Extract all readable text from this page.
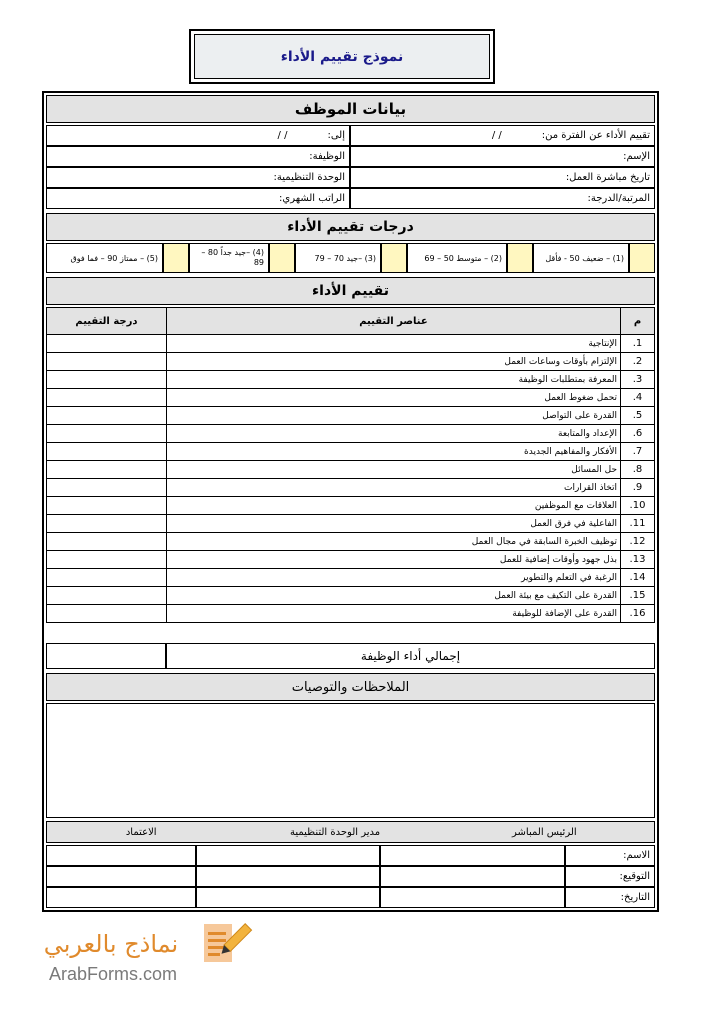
نموذج تقييم الأداء
بيانات الموظف
تقييم الأداء عن الفترة من:
/ /
إلى:
/ /
الإسم:
الوظيفة:
تاريخ مباشرة العمل:
الوحدة التنظيمية:
المرتبة/الدرجة:
الراتب الشهري:
درجات تقييم الأداء
(1) – ضعيف 50 - فأقل
(2) – متوسط 50 – 69
(3) –جيد 70 – 79
(4) –جيد جداً 80 – 89
(5) – ممتاز 90 – فما فوق
تقييم الأداء
م	عناصر التقييم	درجة التقييم
1.	الإنتاجية	
2.	الإلتزام بأوقات وساعات العمل	
3.	المعرفة بمتطلبات الوظيفة	
4.	تحمل ضغوط العمل	
5.	القدرة على التواصل	
6.	الإعداد والمتابعة	
7.	الأفكار والمفاهيم الجديدة	
8.	حل المسائل	
9.	اتخاذ القرارات	
10.	العلاقات مع الموظفين	
11.	الفاعلية في فرق العمل	
12.	توظيف الخبرة السابقة في مجال العمل	
13.	بذل جهود وأوقات إضافية للعمل	
14.	الرغبة في التعلم والتطوير	
15.	القدرة على التكيف مع بيئة العمل	
16.	القدرة على الإضافة للوظيفة	
إجمالي أداء الوظيفة
الملاحظات والتوصيات
الرئيس المباشر
مدير الوحدة التنظيمية
الاعتماد
الاسم:
التوقيع:
التاريخ:
نماذج بالعربي
ArabForms.com
